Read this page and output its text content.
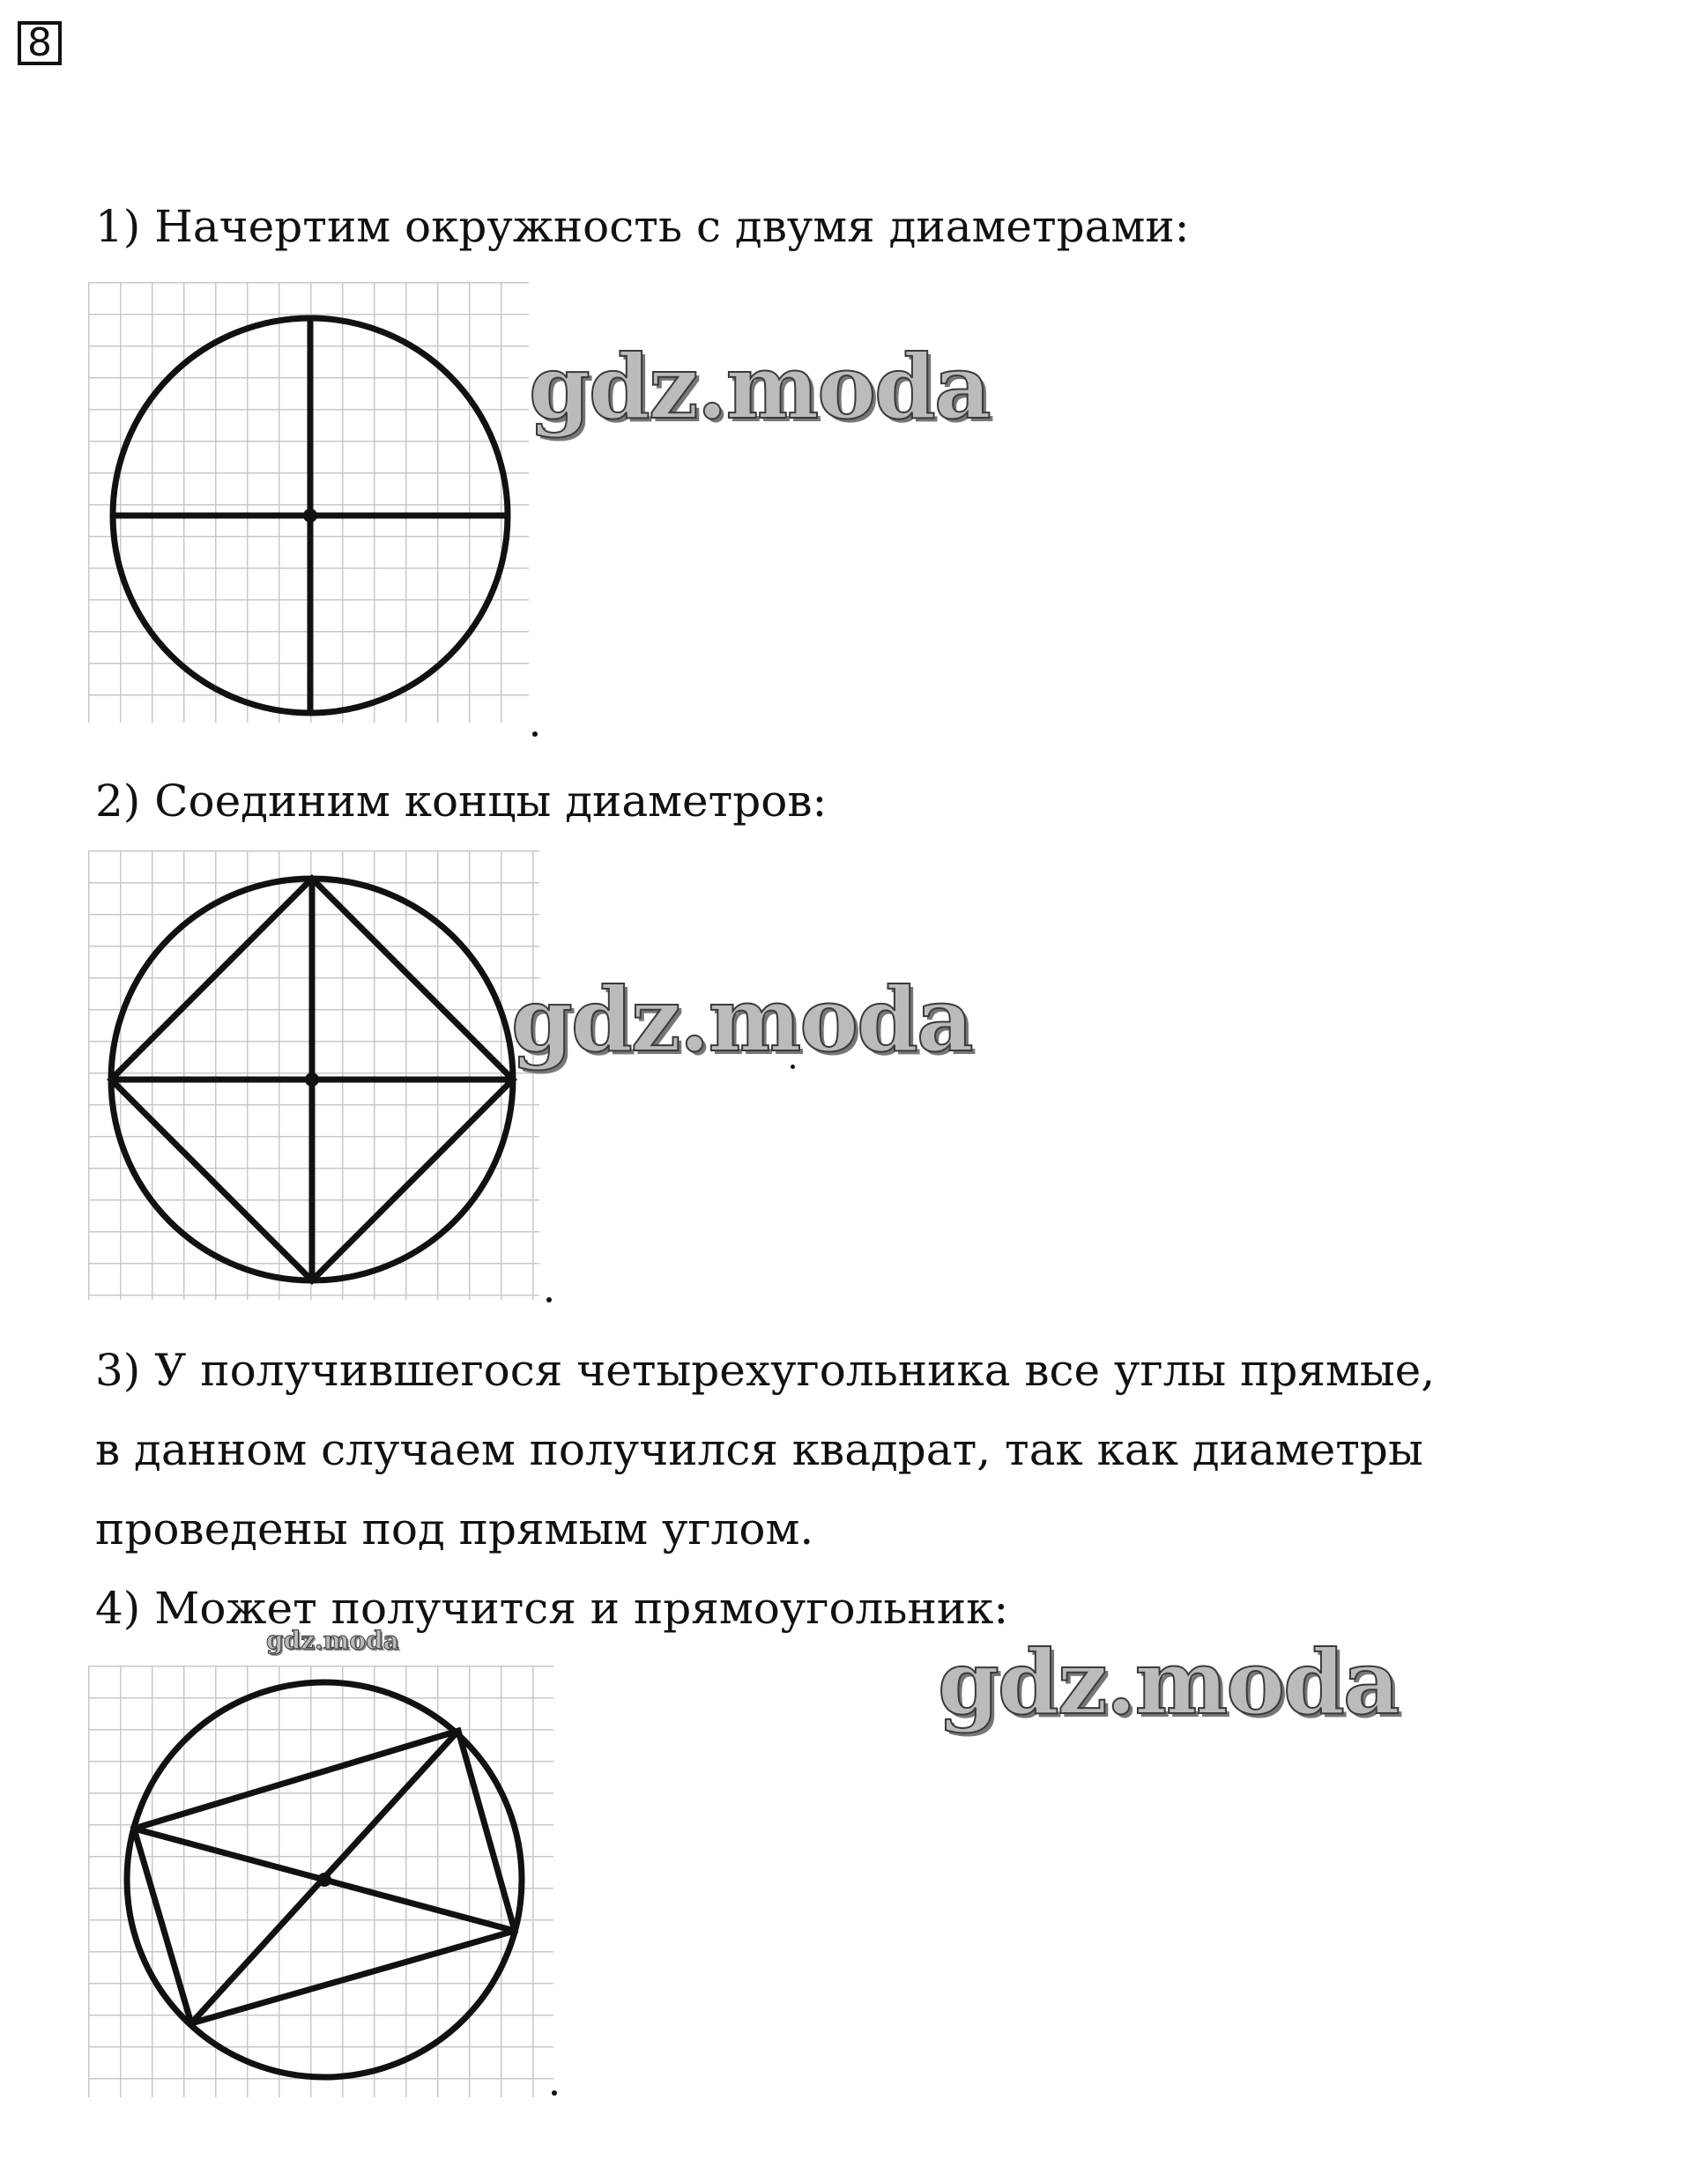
8
1) Начертим окружность с двумя диаметрами:
gdz.moda
2) Соединим концы диаметров:
gdz.moda
3) У получившегося четырехугольника все углы прямые,
в данном случаем получился квадрат, так как диаметры
проведены под прямым углом.
4) Может получится и прямоугольник:
gdz.moda	gdz.moda
